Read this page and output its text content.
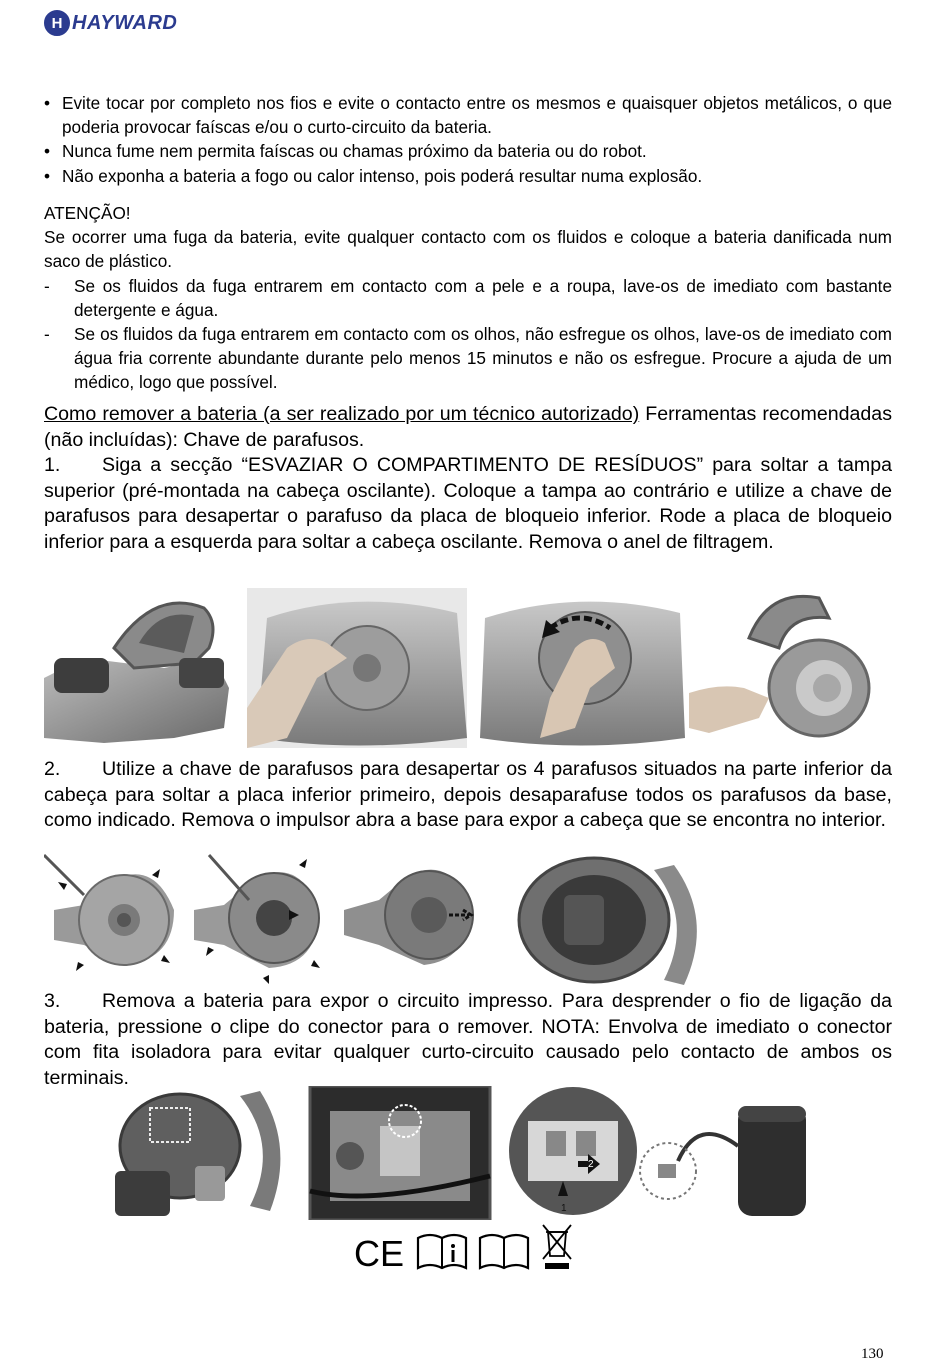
H HAYWARD
• Evite tocar por completo nos fios e evite o contacto entre os mesmos e quaisquer objetos metálicos, o que poderia provocar faíscas e/ou o curto-circuito da bateria.
• Nunca fume nem permita faíscas ou chamas próximo da bateria ou do robot.
• Não exponha a bateria a fogo ou calor intenso, pois poderá resultar numa explosão.
ATENÇÃO!
Se ocorrer uma fuga da bateria, evite qualquer contacto com os fluidos e coloque a bateria danificada num saco de plástico.
- Se os fluidos da fuga entrarem em contacto com a pele e a roupa, lave-os de imediato com bastante detergente e água.
- Se os fluidos da fuga entrarem em contacto com os olhos, não esfregue os olhos, lave-os de imediato com água fria corrente abundante durante pelo menos 15 minutos e não os esfregue. Procure a ajuda de um médico, logo que possível.
Como remover a bateria (a ser realizado por um técnico autorizado) Ferramentas recomendadas (não incluídas): Chave de parafusos.
1. Siga a secção “ESVAZIAR O COMPARTIMENTO DE RESÍDUOS” para soltar a tampa superior (pré-montada na cabeça oscilante). Coloque a tampa ao contrário e utilize a chave de parafusos para desapertar o parafuso da placa de bloqueio inferior. Rode a placa de bloqueio inferior para a esquerda para soltar a cabeça oscilante. Remova o anel de filtragem.
2. Utilize a chave de parafusos para desapertar os 4 parafusos situados na parte inferior da cabeça para soltar a placa inferior primeiro, depois desaparafuse todos os parafusos da base, como indicado. Remova o impulsor abra a base para expor a cabeça que se encontra no interior.
3. Remova a bateria para expor o circuito impresso. Para desprender o fio de ligação da bateria, pressione o clipe do conector para o remover. NOTA: Envolva de imediato o conector com fita isoladora para evitar qualquer curto-circuito causado pelo contacto de ambos os terminais.
2
1
CE
130
